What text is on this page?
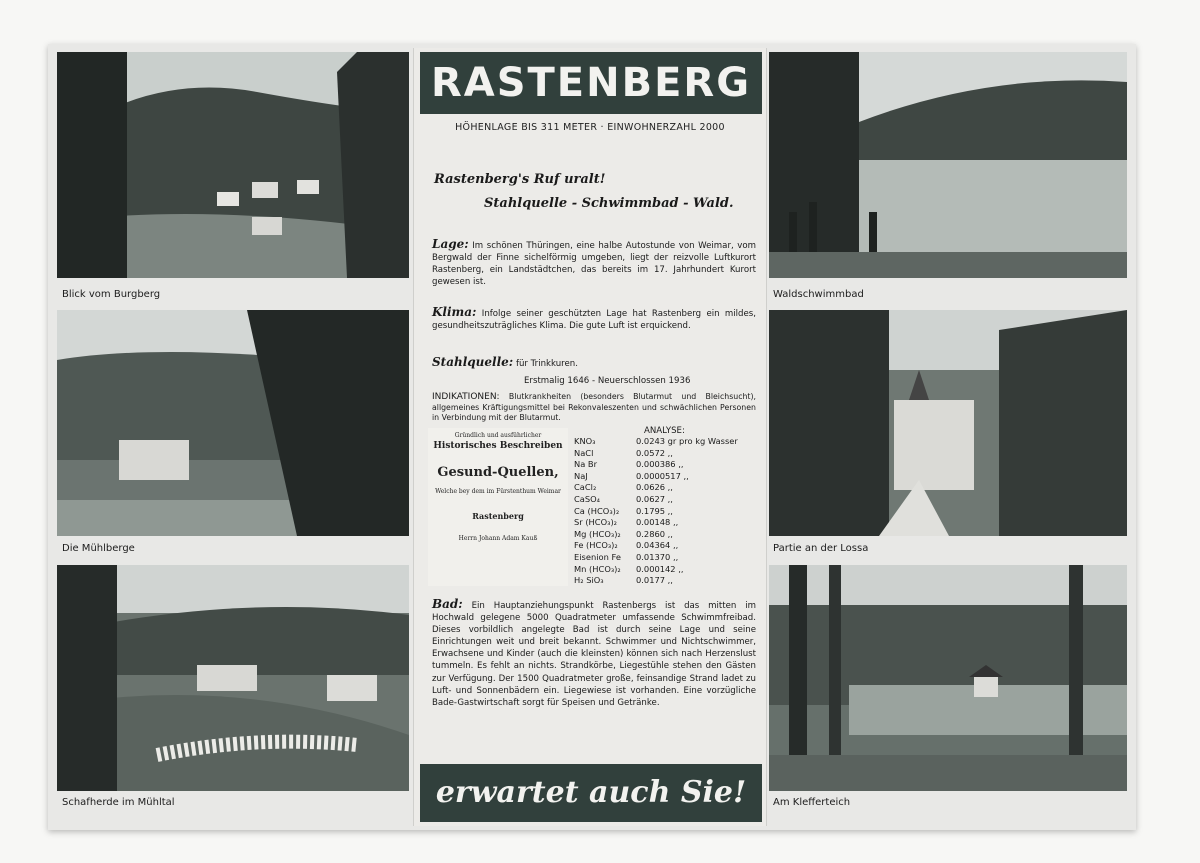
Blick vom Burgberg
Die Mühlberge
Schafherde im Mühltal
Waldschwimmbad
Partie an der Lossa
Am Klefferteich
RASTENBERG
HÖHENLAGE BIS 311 METER · EINWOHNERZAHL 2000
Rastenberg's Ruf uralt!
Stahlquelle - Schwimmbad - Wald.
Lage: Im schönen Thüringen, eine halbe Autostunde von Weimar, vom Bergwald der Finne sichelförmig umgeben, liegt der reizvolle Luftkurort Rastenberg, ein Landstädtchen, das bereits im 17. Jahrhundert Kurort gewesen ist.
Klima: Infolge seiner geschützten Lage hat Rastenberg ein mildes, gesundheitszuträgliches Klima. Die gute Luft ist erquickend.
Stahlquelle: für Trinkkuren.
Erstmalig 1646 - Neuerschlossen 1936
INDIKATIONEN: Blutkrankheiten (besonders Blutarmut und Bleichsucht), allgemeines Kräftigungsmittel bei Rekonvaleszenten und schwächlichen Personen in Verbindung mit der Blutarmut.
Gründlich und ausführlicher
Historisches Beschreiben
Gesund-Quellen,
Welche bey dem im Fürstenthum Weimar
Rastenberg
Herrn Johann Adam Kauß
ANALYSE:
KNO₃	0.0243 gr pro kg Wasser
NaCl	0.0572 ,,
Na Br	0.000386 ,,
NaJ	0.0000517 ,,
CaCl₂	0.0626 ,,
CaSO₄	0.0627 ,,
Ca (HCO₃)₂	0.1795 ,,
Sr (HCO₃)₂	0.00148 ,,
Mg (HCO₃)₂	0.2860 ,,
Fe (HCO₃)₂	0.04364 ,,
Eisenion Fe	0.01370 ,,
Mn (HCO₃)₂	0.000142 ,,
H₂ SiO₃	0.0177 ,,
Bad: Ein Hauptanziehungspunkt Rastenbergs ist das mitten im Hochwald gelegene 5000 Quadratmeter umfassende Schwimmfreibad. Dieses vorbildlich angelegte Bad ist durch seine Lage und seine Einrichtungen weit und breit bekannt. Schwimmer und Nichtschwimmer, Erwachsene und Kinder (auch die kleinsten) können sich nach Herzenslust tummeln. Es fehlt an nichts. Strandkörbe, Liegestühle stehen den Gästen zur Verfügung. Der 1500 Quadratmeter große, feinsandige Strand ladet zu Luft- und Sonnenbädern ein. Liegewiese ist vorhanden. Eine vorzügliche Bade-Gastwirtschaft sorgt für Speisen und Getränke.
erwartet auch Sie!
